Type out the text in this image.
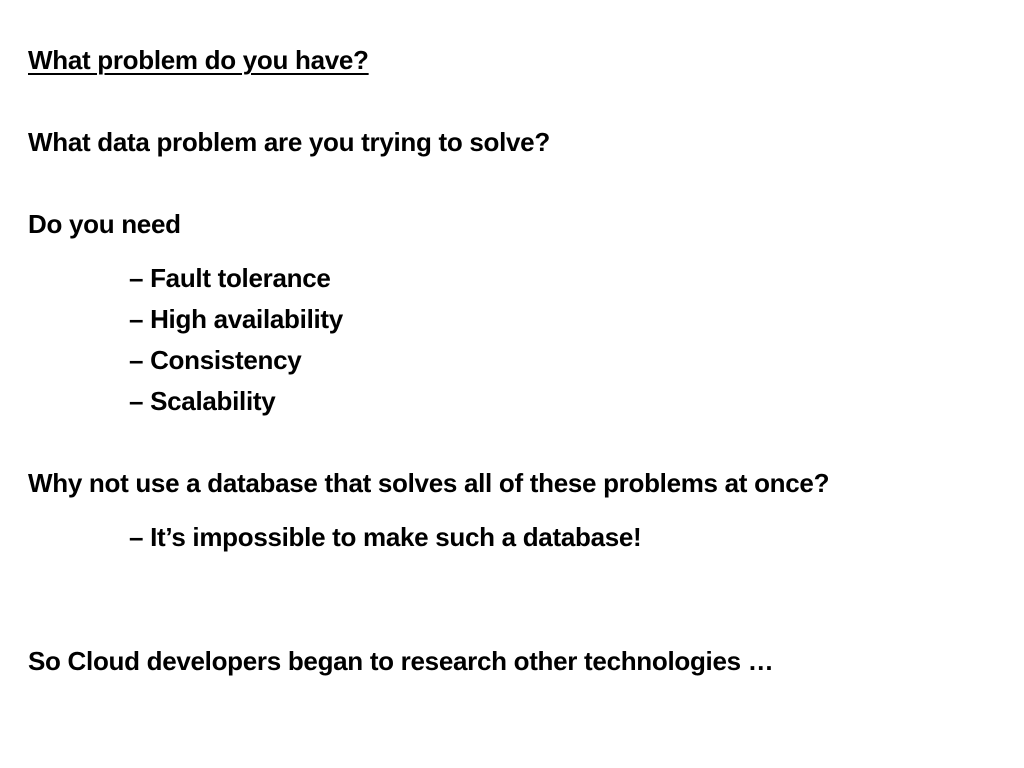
What problem do you have?

What data problem are you trying to solve?

Do you need

– Fault tolerance

– High availability

– Consistency

– Scalability

Why not use a database that solves all of these problems at once?

– It’s impossible to make such a database!

So Cloud developers began to research other technologies …
